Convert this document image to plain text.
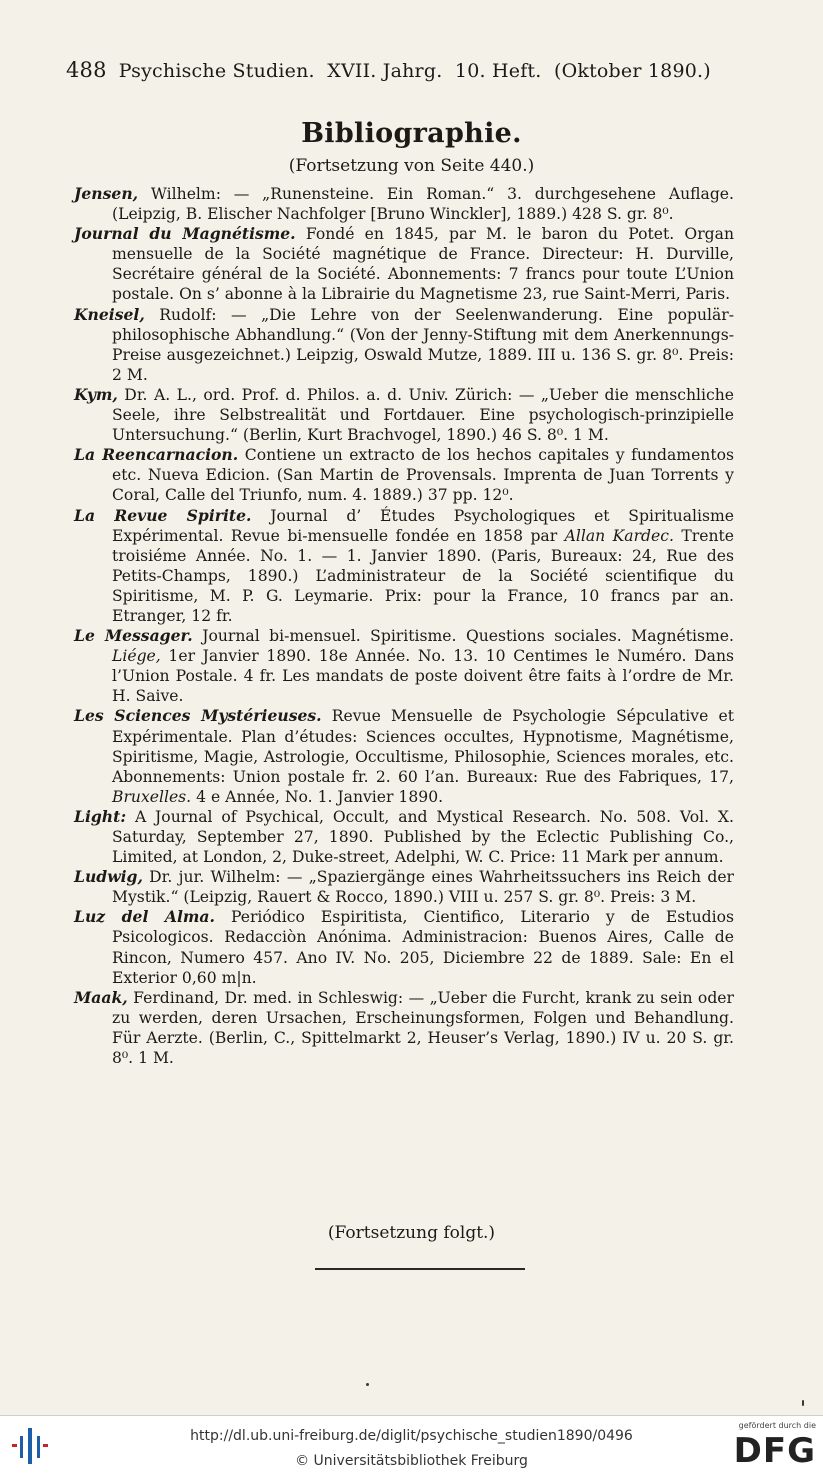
488 Psychische Studien.  XVII. Jahrg.  10. Heft.  (Oktober 1890.)
Bibliographie.
(Fortsetzung von Seite 440.)

Jensen, Wilhelm: — „Runensteine. Ein Roman.“ 3. durchgesehene Auflage. (Leipzig, B. Elischer Nachfolger [Bruno Winckler], 1889.) 428 S. gr. 8⁰.

Journal du Magnétisme. Fondé en 1845, par M. le baron du Potet. Organ mensuelle de la Société magnétique de France. Directeur: H. Durville, Secrétaire général de la Société. Abonnements: 7 francs pour toute L’Union postale. On s’ abonne à la Librairie du Magnetisme 23, rue Saint-Merri, Paris.

Kneisel, Rudolf: — „Die Lehre von der Seelenwanderung. Eine populär-philosophische Abhandlung.“ (Von der Jenny-Stiftung mit dem Anerkennungs-Preise ausgezeichnet.) Leipzig, Oswald Mutze, 1889. III u. 136 S. gr. 8⁰. Preis: 2 M.

Kym, Dr. A. L., ord. Prof. d. Philos. a. d. Univ. Zürich: — „Ueber die menschliche Seele, ihre Selbstrealität und Fortdauer. Eine psychologisch-prinzipielle Untersuchung.“ (Berlin, Kurt Brachvogel, 1890.) 46 S. 8⁰. 1 M.

La Reencarnacion. Contiene un extracto de los hechos capitales y fundamentos etc. Nueva Edicion. (San Martin de Provensals. Imprenta de Juan Torrents y Coral, Calle del Triunfo, num. 4. 1889.) 37 pp. 12⁰.

La Revue Spirite. Journal d’ Études Psychologiques et Spiritualisme Expérimental. Revue bi-mensuelle fondée en 1858 par Allan Kardec. Trente troisiéme Année. No. 1. — 1. Janvier 1890. (Paris, Bureaux: 24, Rue des Petits-Champs, 1890.) L’administrateur de la Société scientifique du Spiritisme, M. P. G. Leymarie. Prix: pour la France, 10 francs par an. Etranger, 12 fr.

Le Messager. Journal bi-mensuel. Spiritisme. Questions sociales. Magnétisme. Liége, 1er Janvier 1890. 18e Année. No. 13. 10 Centimes le Numéro. Dans l’Union Postale. 4 fr. Les mandats de poste doivent être faits à l’ordre de Mr. H. Saive.

Les Sciences Mystérieuses. Revue Mensuelle de Psychologie Sépculative et Expérimentale. Plan d’études: Sciences occultes, Hypnotisme, Magnétisme, Spiritisme, Magie, Astrologie, Occultisme, Philosophie, Sciences morales, etc. Abonnements: Union postale fr. 2. 60 l’an. Bureaux: Rue des Fabriques, 17, Bruxelles. 4 e Année, No. 1. Janvier 1890.

Light: A Journal of Psychical, Occult, and Mystical Research. No. 508. Vol. X. Saturday, September 27, 1890. Published by the Eclectic Publishing Co., Limited, at London, 2, Duke-street, Adelphi, W. C. Price: 11 Mark per annum.

Ludwig, Dr. jur. Wilhelm: — „Spaziergänge eines Wahrheitssuchers ins Reich der Mystik.“ (Leipzig, Rauert & Rocco, 1890.) VIII u. 257 S. gr. 8⁰. Preis: 3 M.

Luz del Alma. Periódico Espiritista, Cientifico, Literario y de Estudios Psicologicos. Redacciòn Anónima. Administracion: Buenos Aires, Calle de Rincon, Numero 457. Ano IV. No. 205, Diciembre 22 de 1889. Sale: En el Exterior 0,60 m|n.

Maak, Ferdinand, Dr. med. in Schleswig: — „Ueber die Furcht, krank zu sein oder zu werden, deren Ursachen, Erscheinungsformen, Folgen und Behandlung. Für Aerzte. (Berlin, C., Spittelmarkt 2, Heuser’s Verlag, 1890.) IV u. 20 S. gr. 8⁰. 1 M.

(Fortsetzung folgt.)
http://dl.ub.uni-freiburg.de/diglit/psychische_studien1890/0496
© Universitätsbibliothek Freiburg
gefördert durch die
DFG
